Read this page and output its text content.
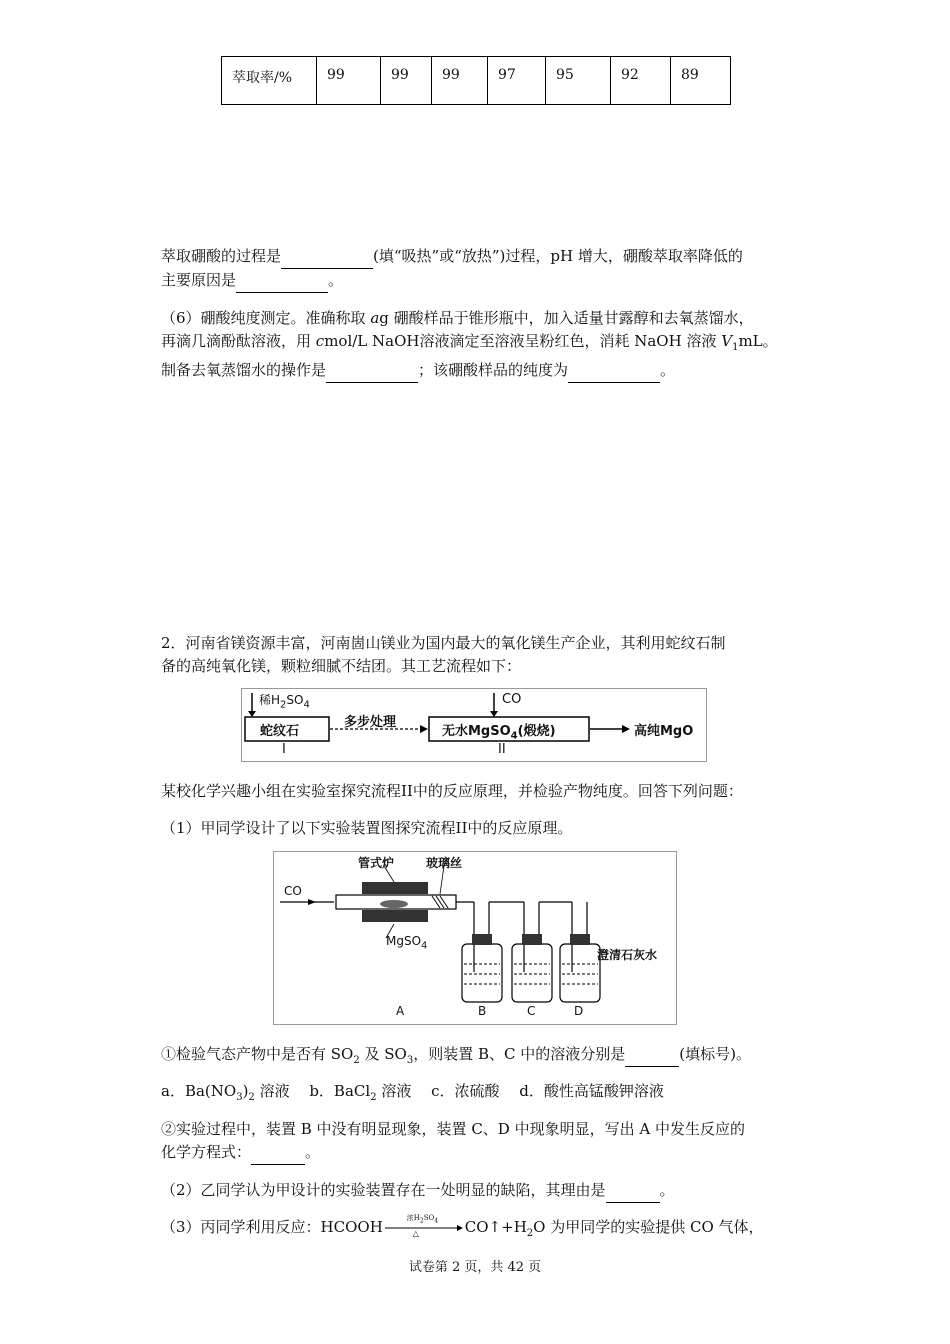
萃取率/%	99	99	99	97	95	92	89
萃取硼酸的过程是	(填“吸热”或“放热”)过程，pH 增大，硼酸萃取率降低的
主要原因是	。
（6）硼酸纯度测定。准确称取 ag 硼酸样品于锥形瓶中，加入适量甘露醇和去氧蒸馏水，
再滴几滴酚酞溶液，用 cmol/L NaOH溶液滴定至溶液呈粉红色，消耗 NaOH 溶液 $V_1mL$。
制备去氧蒸馏水的操作是	；该硼酸样品的纯度为	。
2．河南省镁资源丰富，河南崮山镁业为国内最大的氧化镁生产企业，其利用蛇纹石制
备的高纯氧化镁，颗粒细腻不结团。其工艺流程如下：
稀$H_2SO_4$
蛇纹石
多步处理
CO
无水MgSO$_4$(煅烧)	高纯MgO
I	II
某校化学兴趣小组在实验室探究流程II中的反应原理，并检验产物纯度。回答下列问题：
（1）甲同学设计了以下实验装置图探究流程II中的反应原理。
管式炉	玻璃丝
CO
MgSO$_4$
澄清石灰水
A	B	C	D
①检验气态产物中是否有 $SO_2$ 及 $SO_3$，则装置 B、C 中的溶液分别是	(填标号)。
a．$Ba(NO_3)_2$ 溶液　 b．BaCl$_2$ 溶液　 c．浓硫酸　 d．酸性高锰酸钾溶液
②实验过程中，装置 B 中没有明显现象，装置 C、D 中现象明显，写出 A 中发生反应的
化学方程式：	。
（2）乙同学认为甲设计的实验装置存在一处明显的缺陷，其理由是	。
（3）丙同学利用反应：HCOOH	浓$H_2SO_4$
△	$CO↑+H_2O$ 为甲同学的实验提供 CO 气体，
试卷第 2 页，共 42 页
